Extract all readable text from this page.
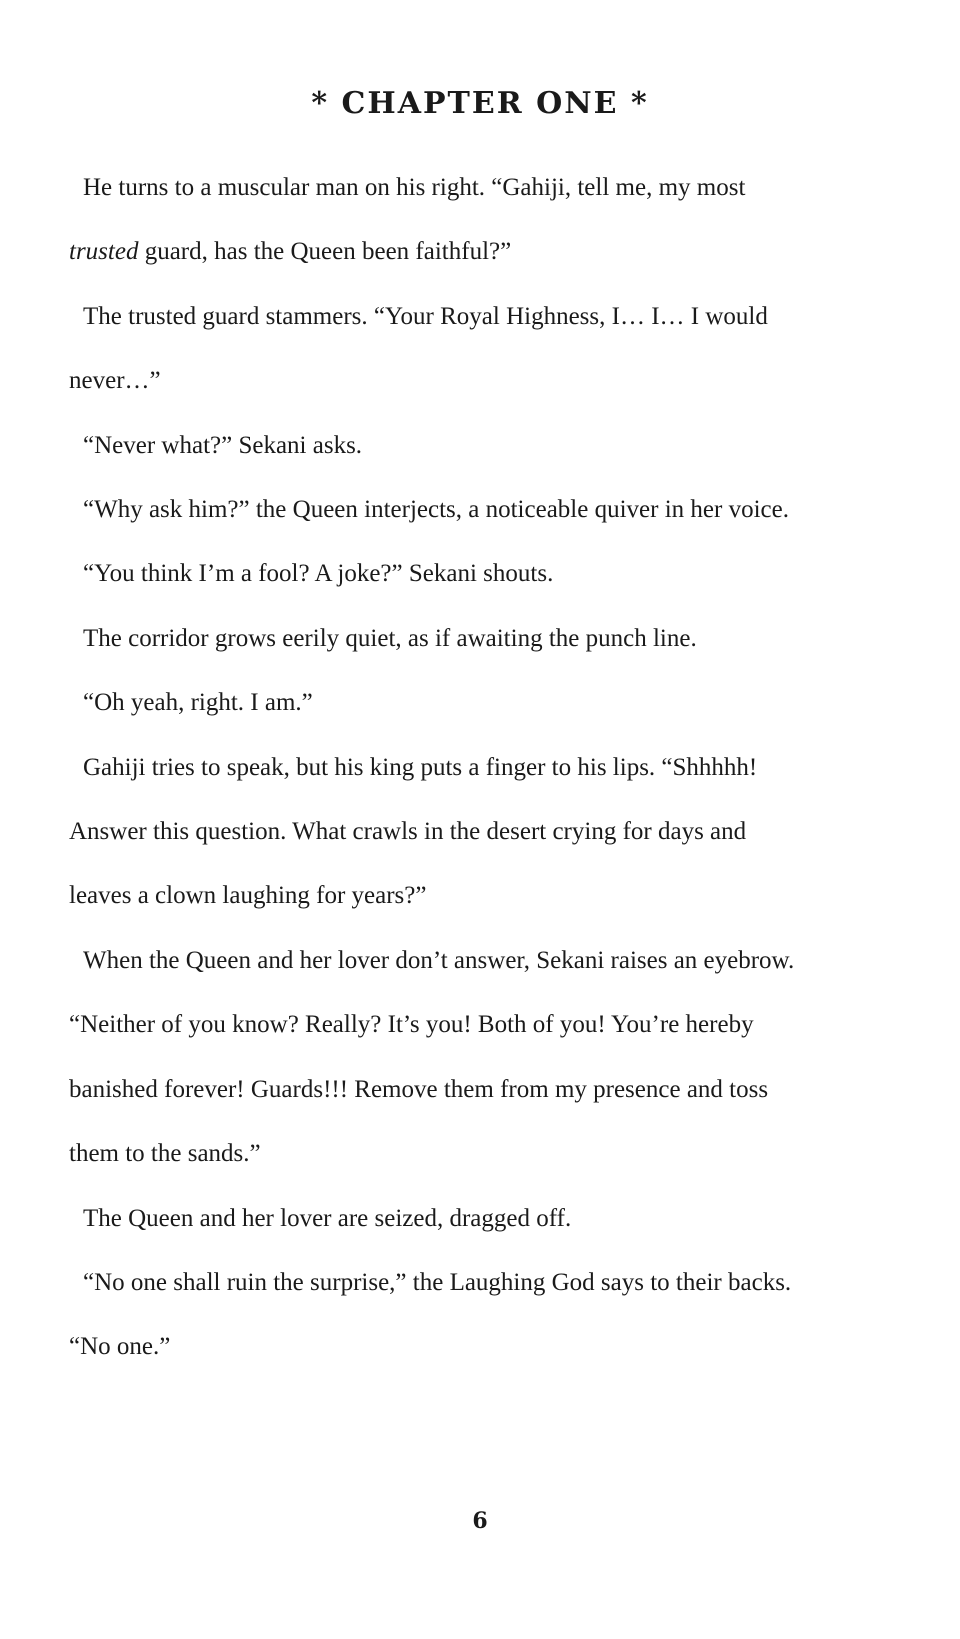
* CHAPTER ONE *

He turns to a muscular man on his right. “Gahiji, tell me, my most

trusted guard, has the Queen been faithful?”

The trusted guard stammers. “Your Royal Highness, I… I… I would

never…”

“Never what?” Sekani asks.

“Why ask him?” the Queen interjects, a noticeable quiver in her voice.

“You think I’m a fool? A joke?” Sekani shouts.

The corridor grows eerily quiet, as if awaiting the punch line.

“Oh yeah, right. I am.”

Gahiji tries to speak, but his king puts a finger to his lips. “Shhhhh!

Answer this question. What crawls in the desert crying for days and

leaves a clown laughing for years?”

When the Queen and her lover don’t answer, Sekani raises an eyebrow.

“Neither of you know? Really? It’s you! Both of you! You’re hereby

banished forever! Guards!!! Remove them from my presence and toss

them to the sands.”

The Queen and her lover are seized, dragged off.

“No one shall ruin the surprise,” the Laughing God says to their backs.

“No one.”

6
